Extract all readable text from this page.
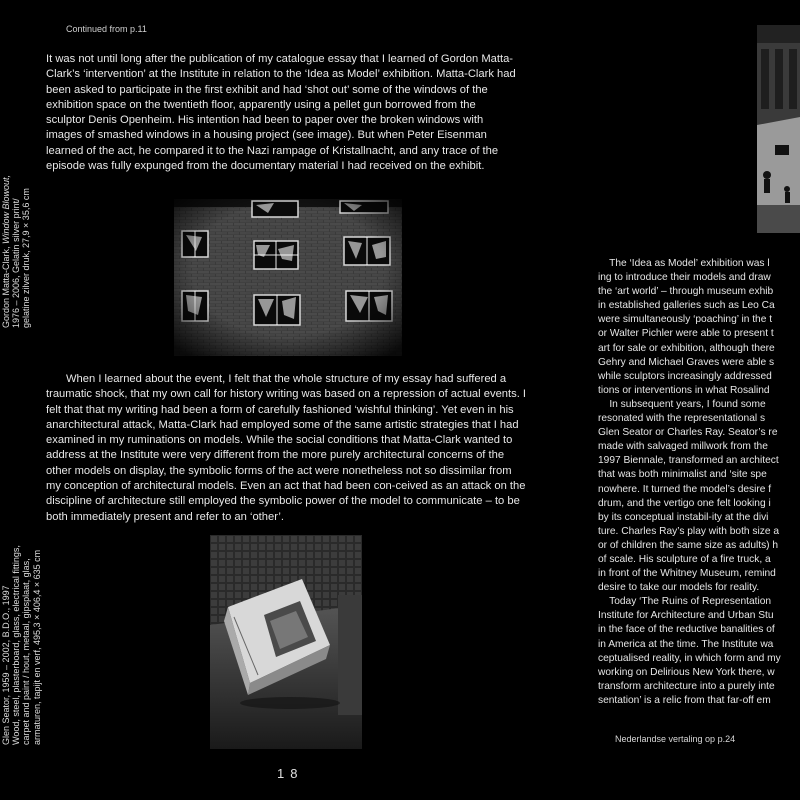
Continued from p.11

It was not until long after the publication of my catalogue essay that I learned of Gordon Matta-Clark’s ‘intervention’ at the Institute in relation to the ‘Idea as Model’ exhibition. Matta-Clark had been asked to participate in the first exhibit and had ‘shot out’ some of the windows of the exhibition space on the twentieth floor, apparently using a pellet gun borrowed from the sculptor Denis Openheim. His intention had been to paper over the broken windows with images of smashed windows in a housing project (see image). But when Peter Eisenman learned of the act, he compared it to the Nazi rampage of Kristallnacht, and any trace of the episode was fully expunged from the documentary material I had received on the exhibit.

Gordon Matta-Clark, Window Blowout, 1976 – 2006, Gelatin silver print/ gelatine zilver druk, 27,9 × 35,6 cm

When I learned about the event, I felt that the whole structure of my essay had suffered a traumatic shock, that my own call for history writing was based on a repression of actual events. I felt that that my writing had been a form of carefully fashioned ‘wishful thinking’. Yet even in his anarchitectural attack, Matta-Clark had employed some of the same artistic strategies that I had examined in my ruminations on models. While the social conditions that Matta-Clark wanted to address at the Institute were very different from the more purely architectural concerns of the other models on display, the symbolic forms of the act were nonetheless not so dissimilar from my conception of architectural models. Even an act that had been con-ceived as an attack on the discipline of architecture still employed the symbolic power of the model to communicate – to be both immediately present and refer to an ‘other’.

Glen Seator, 1959 – 2002, B.D.O., 1997 Wood, steel, plasterboard, glass, electrical fittings, carpet and paint / hout, metaal, gipsplaat, glas, armaturen, tapijt en verf, 495,3 × 406,4 × 635 cm
The ‘Idea as Model’ exhibition was l
ing to introduce their models and draw
the ‘art world’ – through museum exhib
in established galleries such as Leo Ca
were simultaneously ‘poaching’ in the t
or Walter Pichler were able to present t
art for sale or exhibition, although there
Gehry and Michael Graves were able s
while sculptors increasingly addressed
tions or interventions in what Rosalind
In subsequent years, I found some
resonated with the representational s
Glen Seator or Charles Ray. Seator’s re
made with salvaged millwork from the
1997 Biennale, transformed an architect
that was both minimalist and ‘site spe
nowhere. It turned the model’s desire f
drum, and the vertigo one felt looking i
by its conceptual instabil-ity at the divi
ture. Charles Ray’s play with both size a
or of children the same size as adults) h
of scale. His sculpture of a fire truck, a
in front of the Whitney Museum, remind
desire to take our models for reality.
Today ‘The Ruins of Representation
Institute for Architecture and Urban Stu
in the face of the reductive banalities of
in America at the time. The Institute wa
ceptualised reality, in which form and my
working on Delirious New York there, w
transform architecture into a purely inte
sentation’ is a relic from that far-off em
Nederlandse vertaling op p.24
18
